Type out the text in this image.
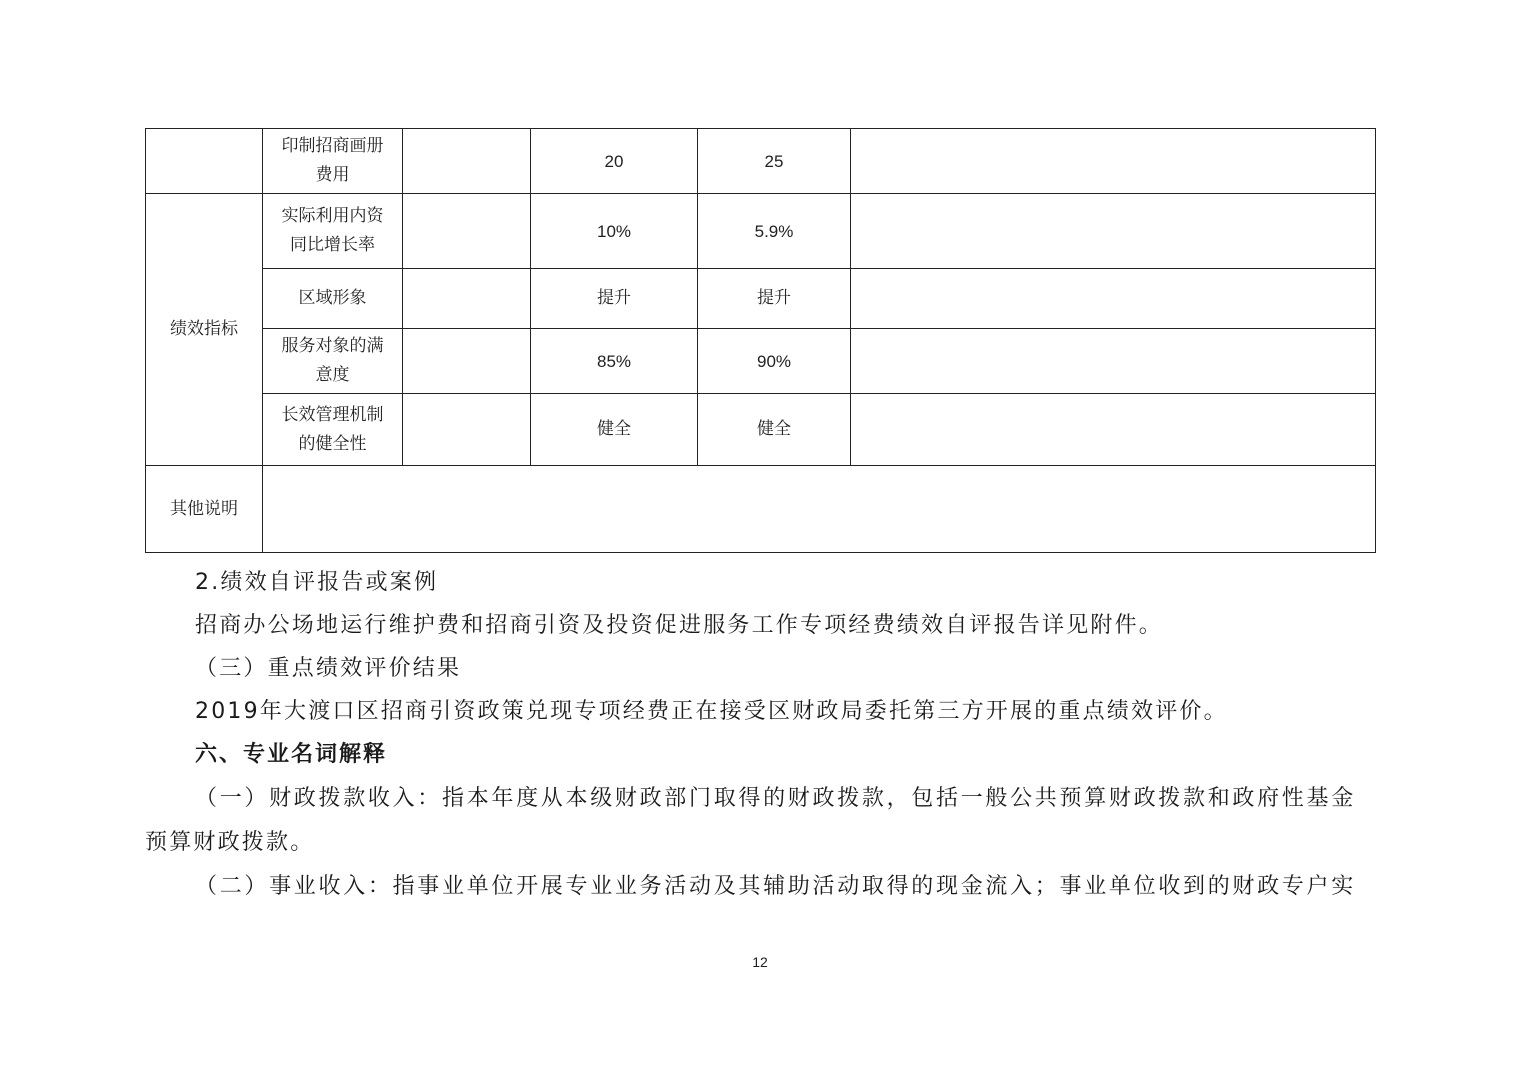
	印制招商画册费用		20	25	
绩效指标	实际利用内资同比增长率		10%	5.9%	
	区域形象		提升	提升	
	服务对象的满意度		85%	90%	
	长效管理机制的健全性		健全	健全	
其他说明					
2.绩效自评报告或案例
招商办公场地运行维护费和招商引资及投资促进服务工作专项经费绩效自评报告详见附件。
（三）重点绩效评价结果
2019年大渡口区招商引资政策兑现专项经费正在接受区财政局委托第三方开展的重点绩效评价。
六、专业名词解释
（一）财政拨款收入：指本年度从本级财政部门取得的财政拨款，包括一般公共预算财政拨款和政府性基金
预算财政拨款。
（二）事业收入：指事业单位开展专业业务活动及其辅助活动取得的现金流入；事业单位收到的财政专户实
12
